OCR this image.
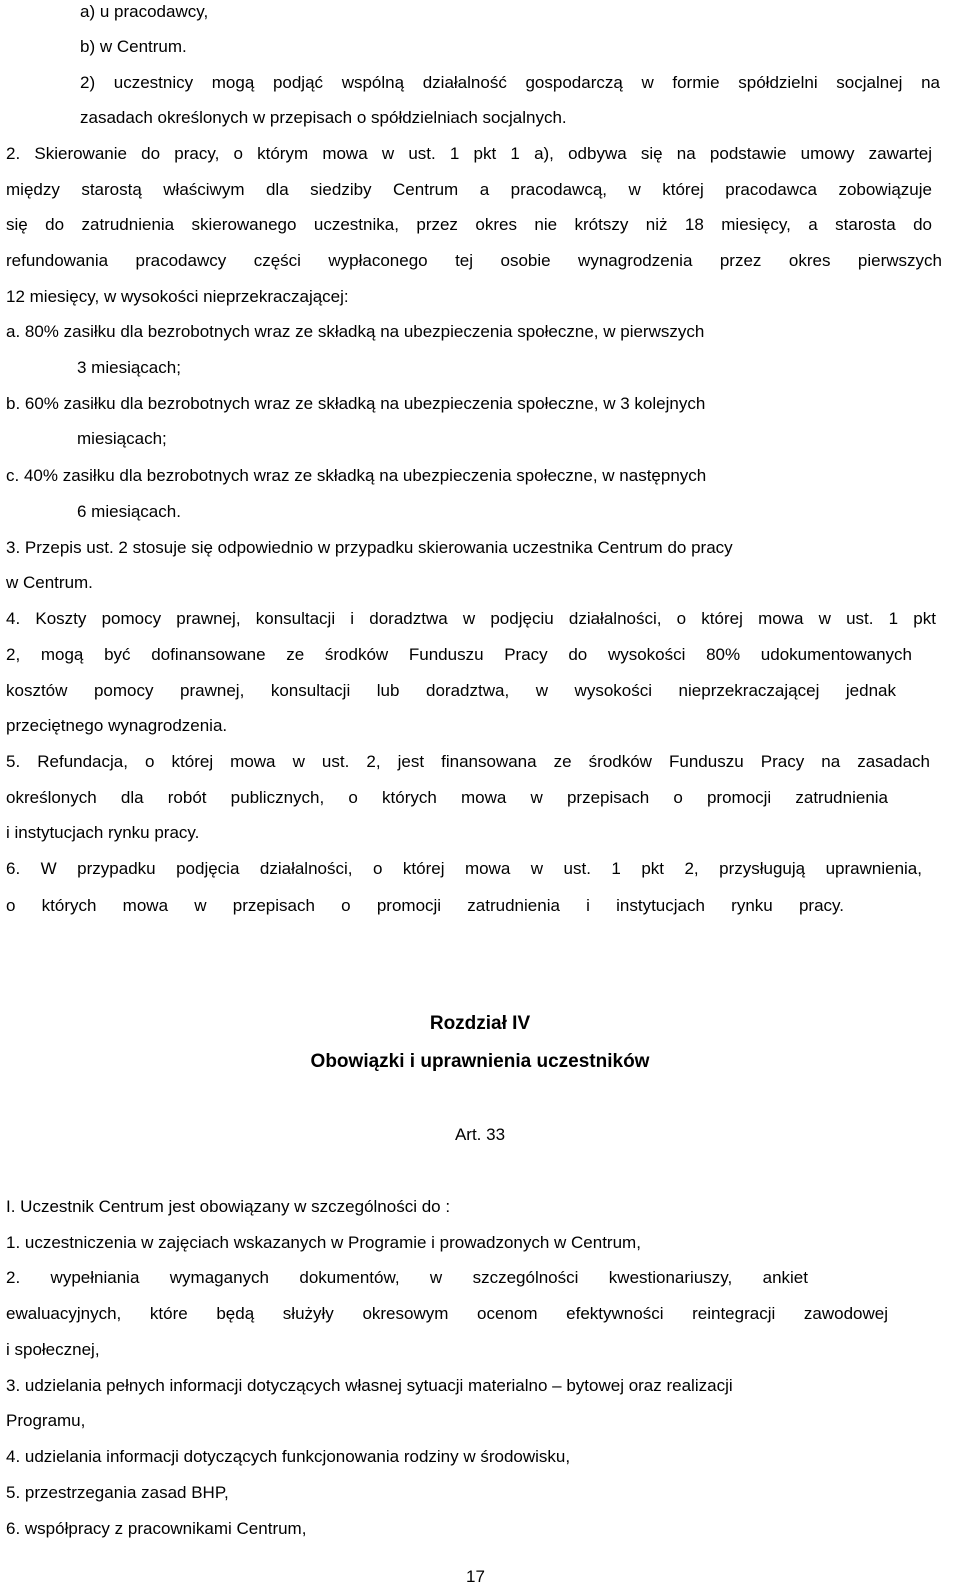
a) u pracodawcy,
b) w Centrum.
2) uczestnicy mogą podjąć wspólną działalność gospodarczą w formie spółdzielni socjalnej na
zasadach określonych w przepisach o spółdzielniach socjalnych.
2. Skierowanie do pracy, o którym mowa w ust. 1 pkt 1 a), odbywa się na podstawie umowy zawartej
między starostą właściwym dla siedziby Centrum a pracodawcą, w której pracodawca zobowiązuje
się do zatrudnienia skierowanego uczestnika, przez okres nie krótszy niż 18 miesięcy, a starosta do
refundowania pracodawcy części wypłaconego tej osobie wynagrodzenia przez okres pierwszych
12 miesięcy, w wysokości nieprzekraczającej:
a. 80% zasiłku dla bezrobotnych wraz ze składką na ubezpieczenia społeczne, w pierwszych
3 miesiącach;
b. 60% zasiłku dla bezrobotnych wraz ze składką na ubezpieczenia społeczne, w 3 kolejnych
miesiącach;
c. 40% zasiłku dla bezrobotnych wraz ze składką na ubezpieczenia społeczne, w następnych
6 miesiącach.
3. Przepis ust. 2 stosuje się odpowiednio w przypadku skierowania uczestnika Centrum do pracy
w Centrum.
4. Koszty pomocy prawnej, konsultacji i doradztwa w podjęciu działalności, o której mowa w ust. 1 pkt
2, mogą być dofinansowane ze środków Funduszu Pracy do wysokości 80% udokumentowanych
kosztów pomocy prawnej, konsultacji lub doradztwa, w wysokości nieprzekraczającej jednak
przeciętnego wynagrodzenia.
5. Refundacja, o której mowa w ust. 2, jest finansowana ze środków Funduszu Pracy na zasadach
określonych dla robót publicznych, o których mowa w przepisach o promocji zatrudnienia
i instytucjach rynku pracy.
6. W przypadku podjęcia działalności, o której mowa w ust. 1 pkt 2, przysługują uprawnienia,
o których mowa w przepisach o promocji zatrudnienia i instytucjach rynku pracy.
Rozdział IV
Obowiązki i uprawnienia uczestników
Art. 33
I. Uczestnik Centrum jest obowiązany w szczególności do :
1. uczestniczenia w zajęciach wskazanych w Programie i prowadzonych w Centrum,
2. wypełniania wymaganych dokumentów, w szczególności kwestionariuszy, ankiet
ewaluacyjnych, które będą służyły okresowym ocenom efektywności reintegracji zawodowej
i społecznej,
3. udzielania pełnych informacji dotyczących własnej sytuacji materialno – bytowej oraz realizacji
Programu,
4. udzielania informacji dotyczących funkcjonowania rodziny w środowisku,
5. przestrzegania zasad BHP,
6. współpracy z pracownikami Centrum,
17
